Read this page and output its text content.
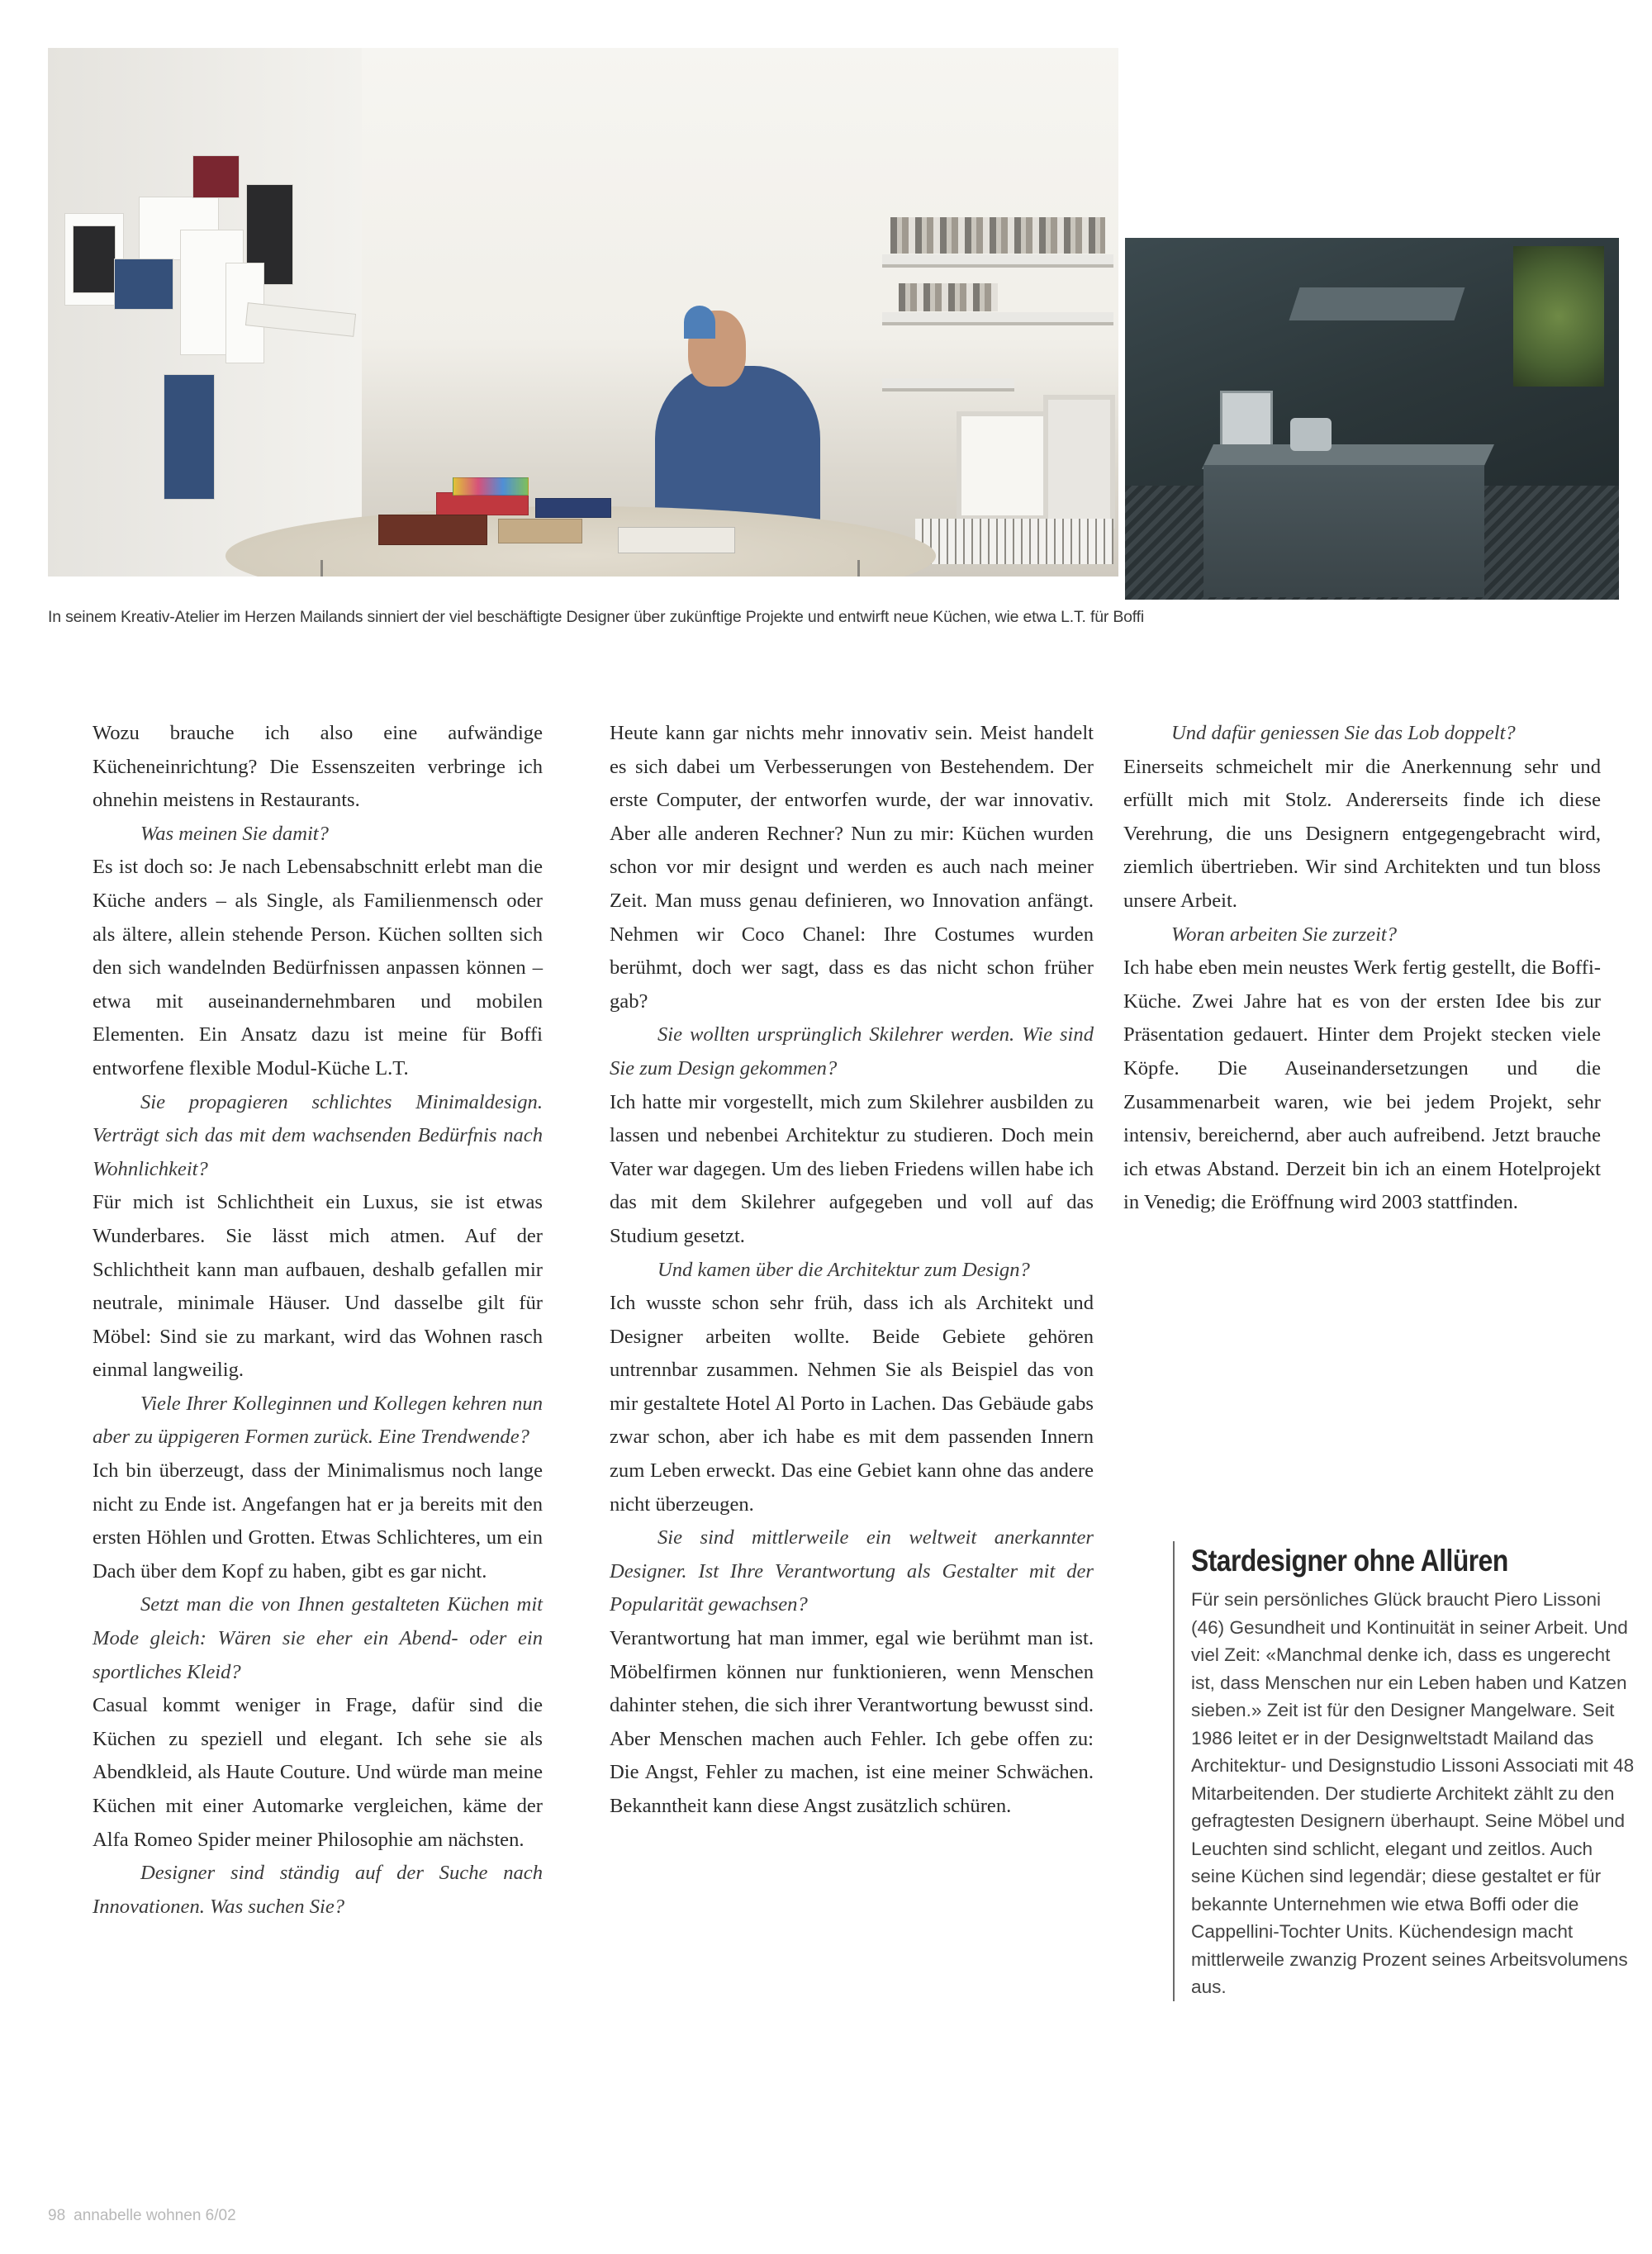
In seinem Kreativ-Atelier im Herzen Mailands sinniert der viel beschäftigte Designer über zukünftige Projekte und entwirft neue Küchen, wie etwa L.T. für Boffi

Wozu brauche ich also eine aufwändige Kücheneinrichtung? Die Essenszeiten verbringe ich ohnehin meistens in Restaurants.

Was meinen Sie damit?

Es ist doch so: Je nach Lebensabschnitt erlebt man die Küche anders – als Single, als Familienmensch oder als ältere, allein stehende Person. Küchen sollten sich den sich wandelnden Bedürfnissen anpassen können – etwa mit auseinandernehmbaren und mobilen Elementen. Ein Ansatz dazu ist meine für Boffi entworfene flexible Modul-Küche L.T.

Sie propagieren schlichtes Minimaldesign. Verträgt sich das mit dem wachsenden Bedürfnis nach Wohnlichkeit?

Für mich ist Schlichtheit ein Luxus, sie ist etwas Wunderbares. Sie lässt mich atmen. Auf der Schlichtheit kann man aufbauen, deshalb gefallen mir neutrale, minimale Häuser. Und dasselbe gilt für Möbel: Sind sie zu markant, wird das Wohnen rasch einmal langweilig.

Viele Ihrer Kolleginnen und Kollegen kehren nun aber zu üppigeren Formen zurück. Eine Trendwende?

Ich bin überzeugt, dass der Minimalismus noch lange nicht zu Ende ist. Angefangen hat er ja bereits mit den ersten Höhlen und Grotten. Etwas Schlichteres, um ein Dach über dem Kopf zu haben, gibt es gar nicht.

Setzt man die von Ihnen gestalteten Küchen mit Mode gleich: Wären sie eher ein Abend- oder ein sportliches Kleid?

Casual kommt weniger in Frage, dafür sind die Küchen zu speziell und elegant. Ich sehe sie als Abendkleid, als Haute Couture. Und würde man meine Küchen mit einer Automarke vergleichen, käme der Alfa Romeo Spider meiner Philosophie am nächsten.

Designer sind ständig auf der Suche nach Innovationen. Was suchen Sie?

Heute kann gar nichts mehr innovativ sein. Meist handelt es sich dabei um Verbesserungen von Bestehendem. Der erste Computer, der entworfen wurde, der war innovativ. Aber alle anderen Rechner? Nun zu mir: Küchen wurden schon vor mir designt und werden es auch nach meiner Zeit. Man muss genau definieren, wo Innovation anfängt. Nehmen wir Coco Chanel: Ihre Costumes wurden berühmt, doch wer sagt, dass es das nicht schon früher gab?

Sie wollten ursprünglich Skilehrer werden. Wie sind Sie zum Design gekommen?

Ich hatte mir vorgestellt, mich zum Skilehrer ausbilden zu lassen und nebenbei Architektur zu studieren. Doch mein Vater war dagegen. Um des lieben Friedens willen habe ich das mit dem Skilehrer aufgegeben und voll auf das Studium gesetzt.

Und kamen über die Architektur zum Design?

Ich wusste schon sehr früh, dass ich als Architekt und Designer arbeiten wollte. Beide Gebiete gehören untrennbar zusammen. Nehmen Sie als Beispiel das von mir gestaltete Hotel Al Porto in Lachen. Das Gebäude gabs zwar schon, aber ich habe es mit dem passenden Innern zum Leben erweckt. Das eine Gebiet kann ohne das andere nicht überzeugen.

Sie sind mittlerweile ein weltweit anerkannter Designer. Ist Ihre Verantwortung als Gestalter mit der Popularität gewachsen?

Verantwortung hat man immer, egal wie berühmt man ist. Möbelfirmen können nur funktionieren, wenn Menschen dahinter stehen, die sich ihrer Verantwortung bewusst sind. Aber Menschen machen auch Fehler. Ich gebe offen zu: Die Angst, Fehler zu machen, ist eine meiner Schwächen. Bekanntheit kann diese Angst zusätzlich schüren.

Und dafür geniessen Sie das Lob doppelt?

Einerseits schmeichelt mir die Anerkennung sehr und erfüllt mich mit Stolz. Andererseits finde ich diese Verehrung, die uns Designern entgegengebracht wird, ziemlich übertrieben. Wir sind Architekten und tun bloss unsere Arbeit.

Woran arbeiten Sie zurzeit?

Ich habe eben mein neustes Werk fertig gestellt, die Boffi-Küche. Zwei Jahre hat es von der ersten Idee bis zur Präsentation gedauert. Hinter dem Projekt stecken viele Köpfe. Die Auseinandersetzungen und die Zusammenarbeit waren, wie bei jedem Projekt, sehr intensiv, bereichernd, aber auch aufreibend. Jetzt brauche ich etwas Abstand. Derzeit bin ich an einem Hotelprojekt in Venedig; die Eröffnung wird 2003 stattfinden.

Stardesigner ohne Allüren

Für sein persönliches Glück braucht Piero Lissoni (46) Gesundheit und Kontinuität in seiner Arbeit. Und viel Zeit: «Manchmal denke ich, dass es ungerecht ist, dass Menschen nur ein Leben haben und Katzen sieben.» Zeit ist für den Designer Mangelware. Seit 1986 leitet er in der Designweltstadt Mailand das Architektur- und Designstudio Lissoni Associati mit 48 Mitarbeitenden. Der studierte Architekt zählt zu den gefragtesten Designern überhaupt. Seine Möbel und Leuchten sind schlicht, elegant und zeitlos. Auch seine Küchen sind legendär; diese gestaltet er für bekannte Unternehmen wie etwa Boffi oder die Cappellini-Tochter Units. Küchendesign macht mittlerweile zwanzig Prozent seines Arbeitsvolumens aus.

98 annabelle wohnen 6/02
